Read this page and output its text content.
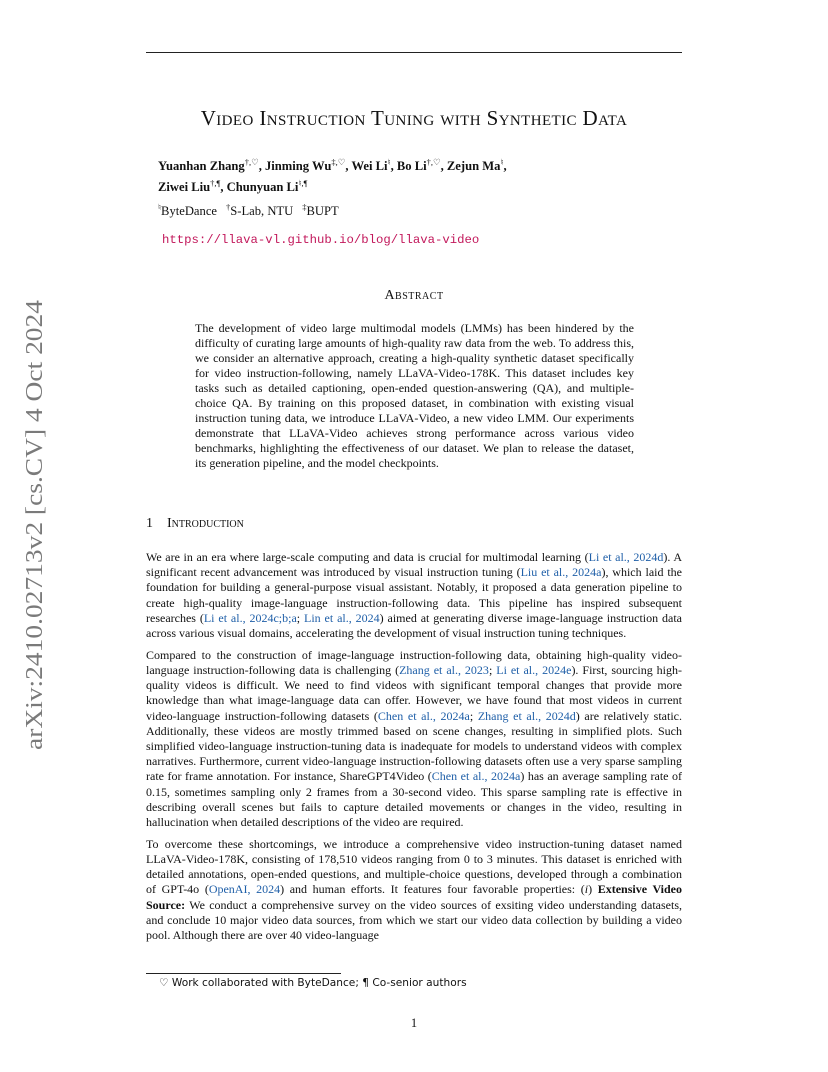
arXiv:2410.02713v2 [cs.CV] 4 Oct 2024
Video Instruction Tuning with Synthetic Data
Yuanhan Zhang†,♡, Jinming Wu‡,♡, Wei Li♮, Bo Li†,♡, Zejun Ma♮,
Ziwei Liu†,¶, Chunyuan Li♮,¶
♮ByteDance †S-Lab, NTU ‡BUPT
https://llava-vl.github.io/blog/llava-video
Abstract
The development of video large multimodal models (LMMs) has been hindered by the difficulty of curating large amounts of high-quality raw data from the web. To address this, we consider an alternative approach, creating a high-quality synthetic dataset specifically for video instruction-following, namely LLaVA-Video-178K. This dataset includes key tasks such as detailed captioning, open-ended question-answering (QA), and multiple-choice QA. By training on this proposed dataset, in combination with existing visual instruction tuning data, we introduce LLaVA-Video, a new video LMM. Our experiments demonstrate that LLaVA-Video achieves strong performance across various video benchmarks, highlighting the effectiveness of our dataset. We plan to release the dataset, its generation pipeline, and the model checkpoints.
1 Introduction

We are in an era where large-scale computing and data is crucial for multimodal learning (Li et al., 2024d). A significant recent advancement was introduced by visual instruction tuning (Liu et al., 2024a), which laid the foundation for building a general-purpose visual assistant. Notably, it proposed a data generation pipeline to create high-quality image-language instruction-following data. This pipeline has inspired subsequent researches (Li et al., 2024c;b;a; Lin et al., 2024) aimed at generating diverse image-language instruction data across various visual domains, accelerating the development of visual instruction tuning techniques.

Compared to the construction of image-language instruction-following data, obtaining high-quality video-language instruction-following data is challenging (Zhang et al., 2023; Li et al., 2024e). First, sourcing high-quality videos is difficult. We need to find videos with significant temporal changes that provide more knowledge than what image-language data can offer. However, we have found that most videos in current video-language instruction-following datasets (Chen et al., 2024a; Zhang et al., 2024d) are relatively static. Additionally, these videos are mostly trimmed based on scene changes, resulting in simplified plots. Such simplified video-language instruction-tuning data is inadequate for models to understand videos with complex narratives. Furthermore, current video-language instruction-following datasets often use a very sparse sampling rate for frame annotation. For instance, ShareGPT4Video (Chen et al., 2024a) has an average sampling rate of 0.15, sometimes sampling only 2 frames from a 30-second video. This sparse sampling rate is effective in describing overall scenes but fails to capture detailed movements or changes in the video, resulting in hallucination when detailed descriptions of the video are required.

To overcome these shortcomings, we introduce a comprehensive video instruction-tuning dataset named LLaVA-Video-178K, consisting of 178,510 videos ranging from 0 to 3 minutes. This dataset is enriched with detailed annotations, open-ended questions, and multiple-choice questions, developed through a combination of GPT-4o (OpenAI, 2024) and human efforts. It features four favorable properties: (i) Extensive Video Source: We conduct a comprehensive survey on the video sources of exsiting video understanding datasets, and conclude 10 major video data sources, from which we start our video data collection by building a video pool. Although there are over 40 video-language

♡ Work collaborated with ByteDance; ¶ Co-senior authors
1
